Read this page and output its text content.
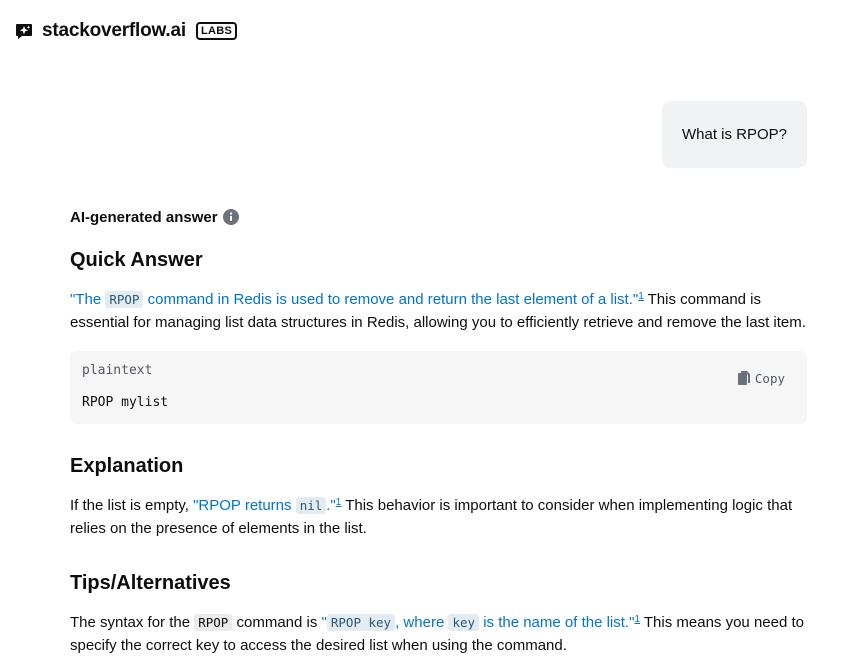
stackoverflow.ai	LABS
What is RPOP?
AI-generated answer
Quick Answer

"The RPOP command in Redis is used to remove and return the last element of a list."$^1$ This command is essential for managing list data structures in Redis, allowing you to efficiently retrieve and remove the last item.

plaintext	Copy
RPOP mylist
Explanation

If the list is empty, "RPOP returns nil ."$^1$ This behavior is important to consider when implementing logic that relies on the presence of elements in the list.

Tips/Alternatives

The syntax for the RPOP command is " RPOP key , where key is the name of the list."$^1$ This means you need to specify the correct key to access the desired list when using the command.
